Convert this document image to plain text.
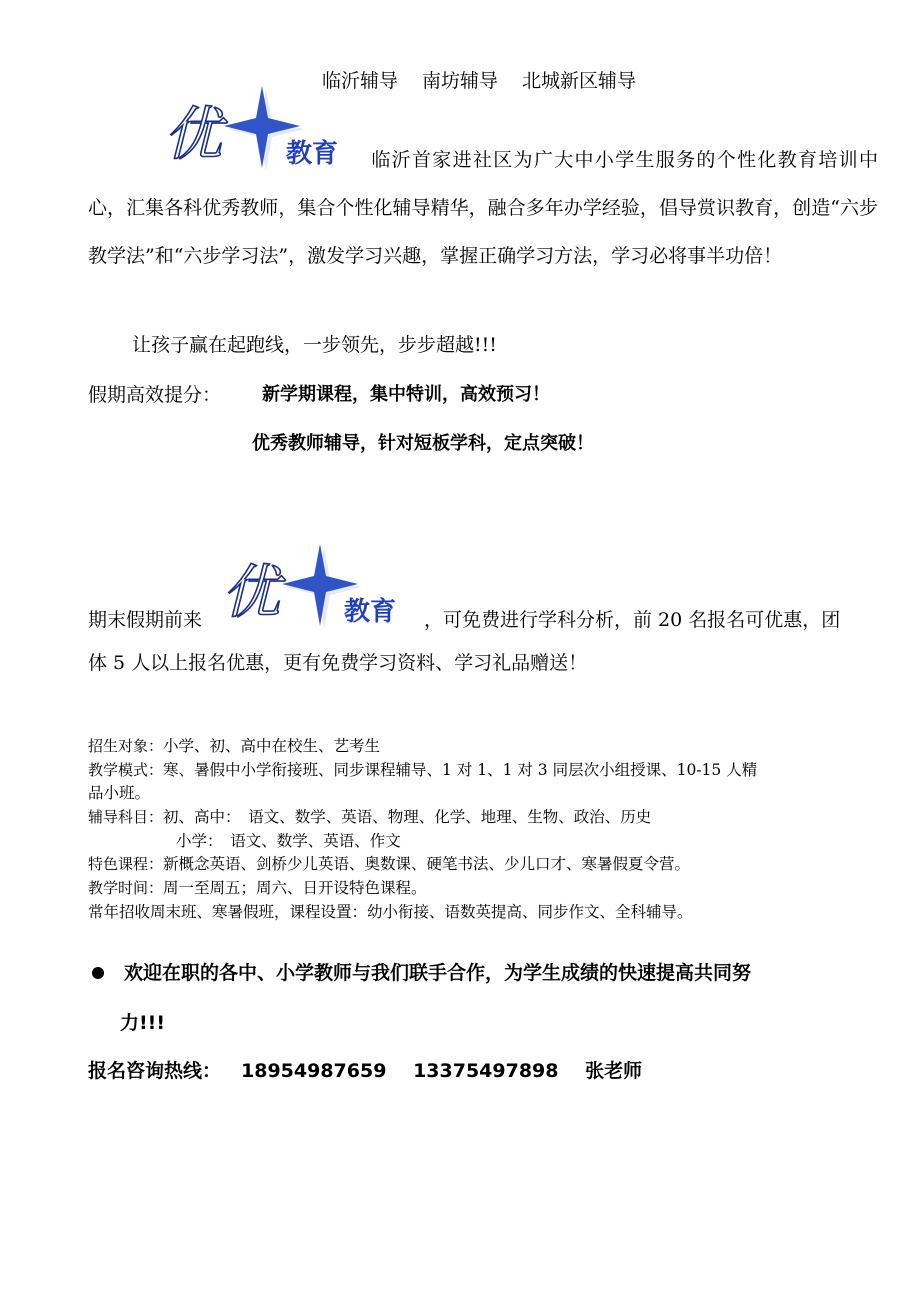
临沂辅导 南坊辅导 北城新区辅导
优 教育	临沂首家进社区为广大中小学生服务的个性化教育培训中心，汇集各科优秀教师，集合个性化辅导精华，融合多年办学经验，倡导赏识教育，创造“六步教学法”和“六步学习法”，激发学习兴趣，掌握正确学习方法，学习必将事半功倍！
让孩子赢在起跑线，一步领先，步步超越!!!
假期高效提分： 新学期课程，集中特训，高效预习！
优秀教师辅导，针对短板学科，定点突破！
优 教育
期末假期前来	，可免费进行学科分析，前 20 名报名可优惠，团
体 5 人以上报名优惠，更有免费学习资料、学习礼品赠送！
招生对象：小学、初、高中在校生、艺考生
教学模式：寒、暑假中小学衔接班、同步课程辅导、1 对 1、1 对 3 同层次小组授课、10-15 人精
品小班。
辅导科目：初、高中：　语文、数学、英语、物理、化学、地理、生物、政治、历史
小学：　语文、数学、英语、作文
特色课程：新概念英语、剑桥少儿英语、奥数课、硬笔书法、少儿口才、寒暑假夏令营。
教学时间：周一至周五；周六、日开设特色课程。
常年招收周末班、寒暑假班，课程设置：幼小衔接、语数英提高、同步作文、全科辅导。
欢迎在职的各中、小学教师与我们联手合作，为学生成绩的快速提高共同努
力!!!
报名咨询热线： 18954987659 13375497898 张老师
